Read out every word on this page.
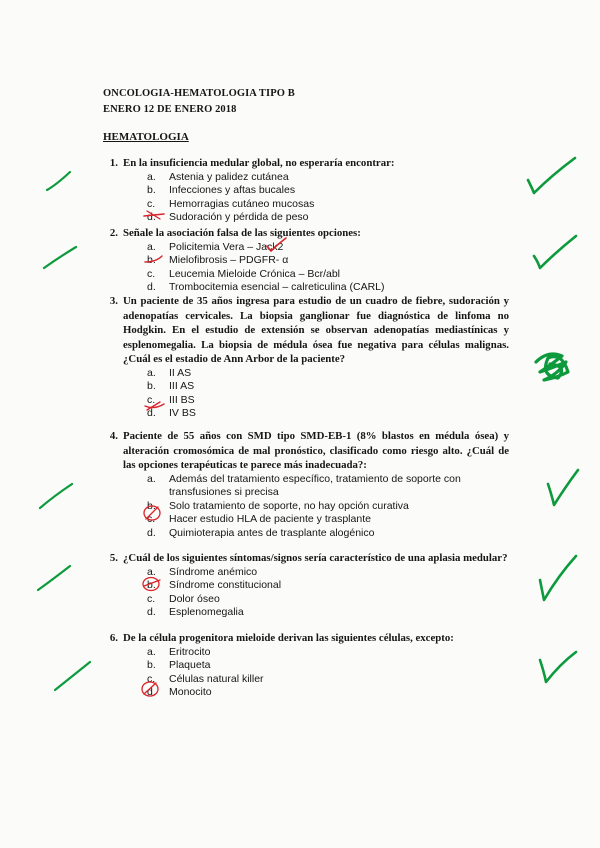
ONCOLOGIA-HEMATOLOGIA TIPO B
ENERO 12 DE ENERO 2018
HEMATOLOGIA
1. En la insuficiencia medular global, no esperaría encontrar:
a.	Astenia y palidez cutánea
b.	Infecciones y aftas bucales
c.	Hemorragias cutáneo mucosas
d.	Sudoración y pérdida de peso
2. Señale la asociación falsa de las siguientes opciones:
a.	Policitemia Vera – Jack2
b.	Mielofibrosis – PDGFR- α
c.	Leucemia Mieloide Crónica – Bcr/abl
d.	Trombocitemia esencial – calreticulina (CARL)
3. Un paciente de 35 años ingresa para estudio de un cuadro de fiebre, sudoración y adenopatías cervicales. La biopsia ganglionar fue diagnóstica de linfoma no Hodgkin. En el estudio de extensión se observan adenopatías mediastínicas y esplenomegalia. La biopsia de médula ósea fue negativa para células malignas. ¿Cuál es el estadio de Ann Arbor de la paciente?
a.	II AS
b.	III AS
c.	III BS
d.	IV BS
4. Paciente de 55 años con SMD tipo SMD-EB-1 (8% blastos en médula ósea) y alteración cromosómica de mal pronóstico, clasificado como riesgo alto. ¿Cuál de las opciones terapéuticas te parece más inadecuada?:
a.	Además del tratamiento específico, tratamiento de soporte con transfusiones si precisa
b.	Solo tratamiento de soporte, no hay opción curativa
c.	Hacer estudio HLA de paciente y trasplante
d.	Quimioterapia antes de trasplante alogénico
5. ¿Cuál de los siguientes síntomas/signos sería característico de una aplasia medular?
a.	Síndrome anémico
b.	Síndrome constitucional
c.	Dolor óseo
d.	Esplenomegalia
6. De la célula progenitora mieloide derivan las siguientes células, excepto:
a.	Eritrocito
b.	Plaqueta
c.	Células natural killer
d.	Monocito
